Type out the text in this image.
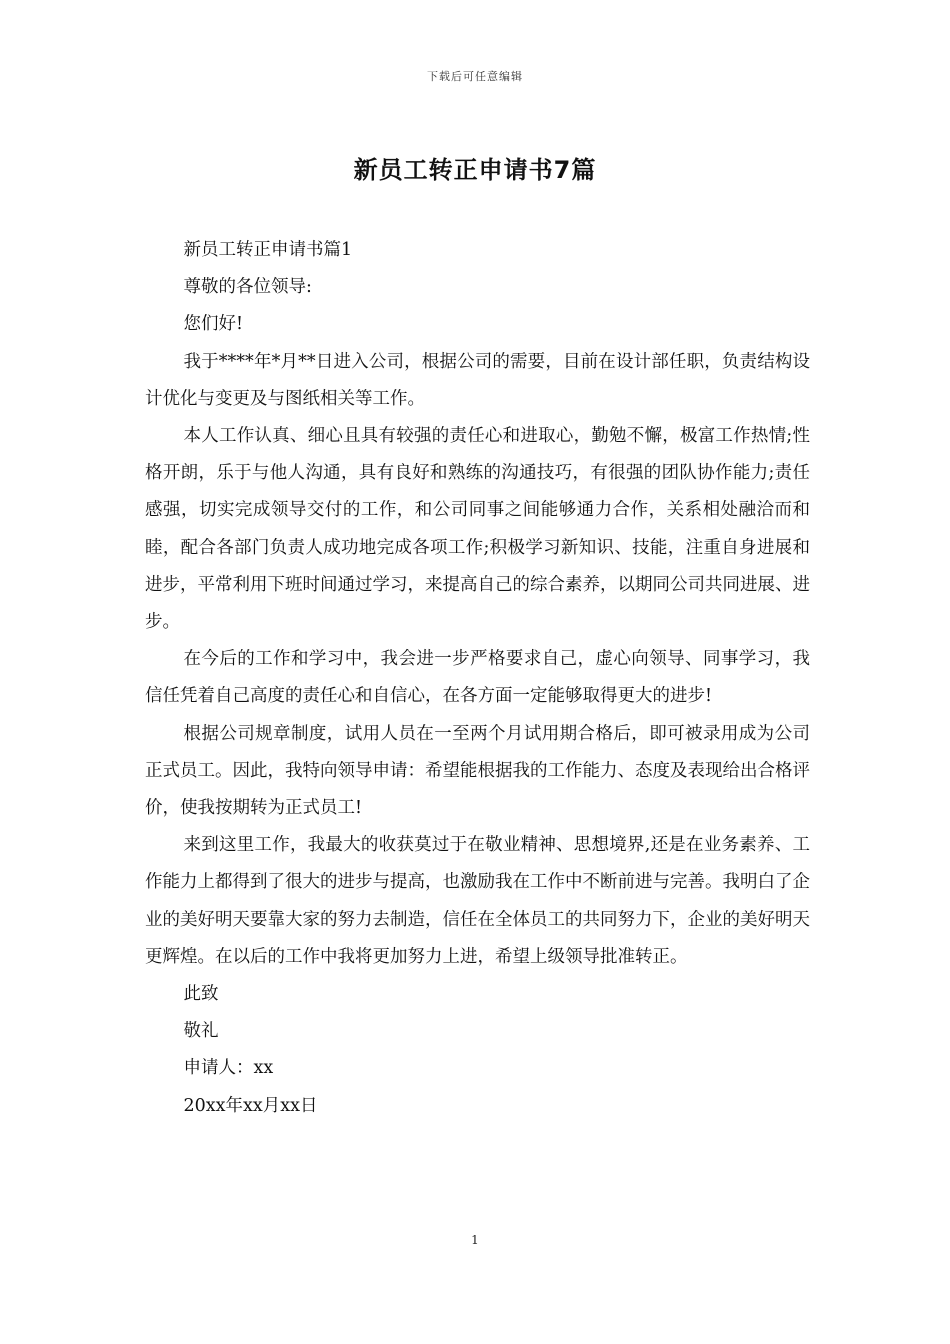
下载后可任意编辑
新员工转正申请书7篇

新员工转正申请书篇1

尊敬的各位领导:

您们好!

我于****年*月**日进入公司，根据公司的需要，目前在设计部任职，负责结构设计优化与变更及与图纸相关等工作。

本人工作认真、细心且具有较强的责任心和进取心，勤勉不懈，极富工作热情;性格开朗，乐于与他人沟通，具有良好和熟练的沟通技巧，有很强的团队协作能力;责任感强，切实完成领导交付的工作，和公司同事之间能够通力合作，关系相处融洽而和睦，配合各部门负责人成功地完成各项工作;积极学习新知识、技能，注重自身进展和进步，平常利用下班时间通过学习，来提高自己的综合素养，以期同公司共同进展、进步。

在今后的工作和学习中，我会进一步严格要求自己，虚心向领导、同事学习，我信任凭着自己高度的责任心和自信心，在各方面一定能够取得更大的进步!

根据公司规章制度，试用人员在一至两个月试用期合格后，即可被录用成为公司正式员工。因此，我特向领导申请：希望能根据我的工作能力、态度及表现给出合格评价，使我按期转为正式员工!

来到这里工作，我最大的收获莫过于在敬业精神、思想境界,还是在业务素养、工作能力上都得到了很大的进步与提高，也激励我在工作中不断前进与完善。我明白了企业的美好明天要靠大家的努力去制造，信任在全体员工的共同努力下，企业的美好明天更辉煌。在以后的工作中我将更加努力上进，希望上级领导批准转正。

此致

敬礼

申请人：xx

20xx年xx月xx日

1
